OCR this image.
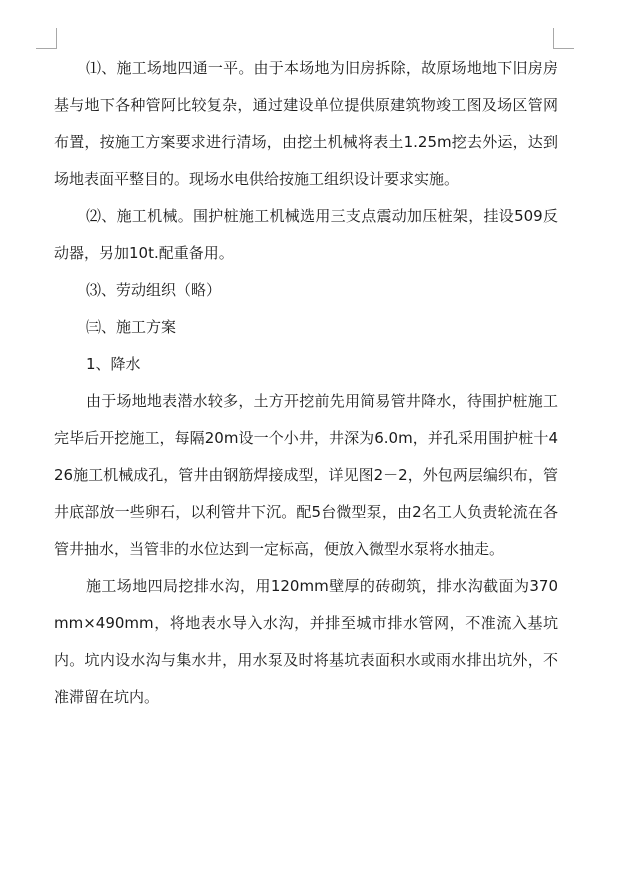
⑴、施工场地四通一平。由于本场地为旧房拆除，故原场地地下旧房房基与地下各种管阿比较复杂，通过建设单位提供原建筑物竣工图及场区管网布置，按施工方案要求进行清场，由挖土机械将表土1.25m挖去外运，达到场地表面平整目的。现场水电供给按施工组织设计要求实施。

⑵、施工机械。围护桩施工机械选用三支点震动加压桩架，挂设509反动器，另加10t.配重备用。

⑶、劳动组织（略）

㈢、施工方案

1、降水

由于场地地表潜水较多，土方开挖前先用简易管井降水，待围护桩施工完毕后开挖施工，每隔20m设一个小井，井深为6.0m，并孔采用围护桩十426施工机械成孔，管井由钢筋焊接成型，详见图2－2，外包两层编织布，管井底部放一些卵石，以利管井下沉。配5台微型泵，由2名工人负责轮流在各管井抽水，当管非的水位达到一定标高，便放入微型水泵将水抽走。

施工场地四局挖排水沟，用120mm壁厚的砖砌筑，排水沟截面为370mm×490mm，将地表水导入水沟，并排至城市排水管网，不准流入基坑内。坑内设水沟与集水井，用水泵及时将基坑表面积水或雨水排出坑外，不准滞留在坑内。
